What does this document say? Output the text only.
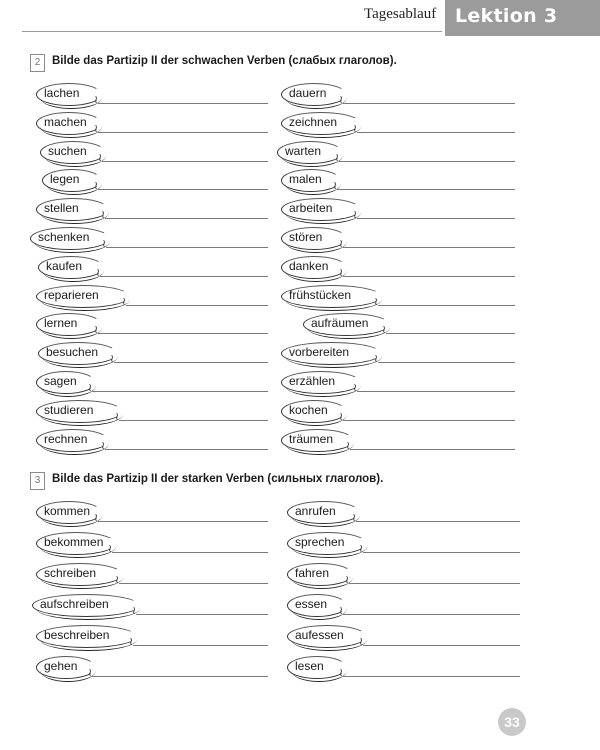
Tagesablauf Lektion 3
2	Bilde das Partizip II der schwachen Verben (слабых глаголов).
≀
lachen
≀
machen
≀
suchen
≀
legen
≀
stellen
≀
schenken
≀
kaufen
≀
reparieren
≀
lernen
≀
besuchen
≀
sagen
≀
studieren
≀
rechnen
≀
dauern
≀
zeichnen
≀
warten
≀
malen
≀
arbeiten
≀
stören
≀
danken
≀
frühstücken
≀
aufräumen
≀
vorbereiten
≀
erzählen
≀
kochen
≀
träumen
3	Bilde das Partizip II der starken Verben (сильных глаголов).
≀
kommen
≀
bekommen
≀
schreiben
≀
aufschreiben
≀
beschreiben
≀
gehen
≀
anrufen
≀
sprechen
≀
fahren
≀
essen
≀
aufessen
≀
lesen
33
